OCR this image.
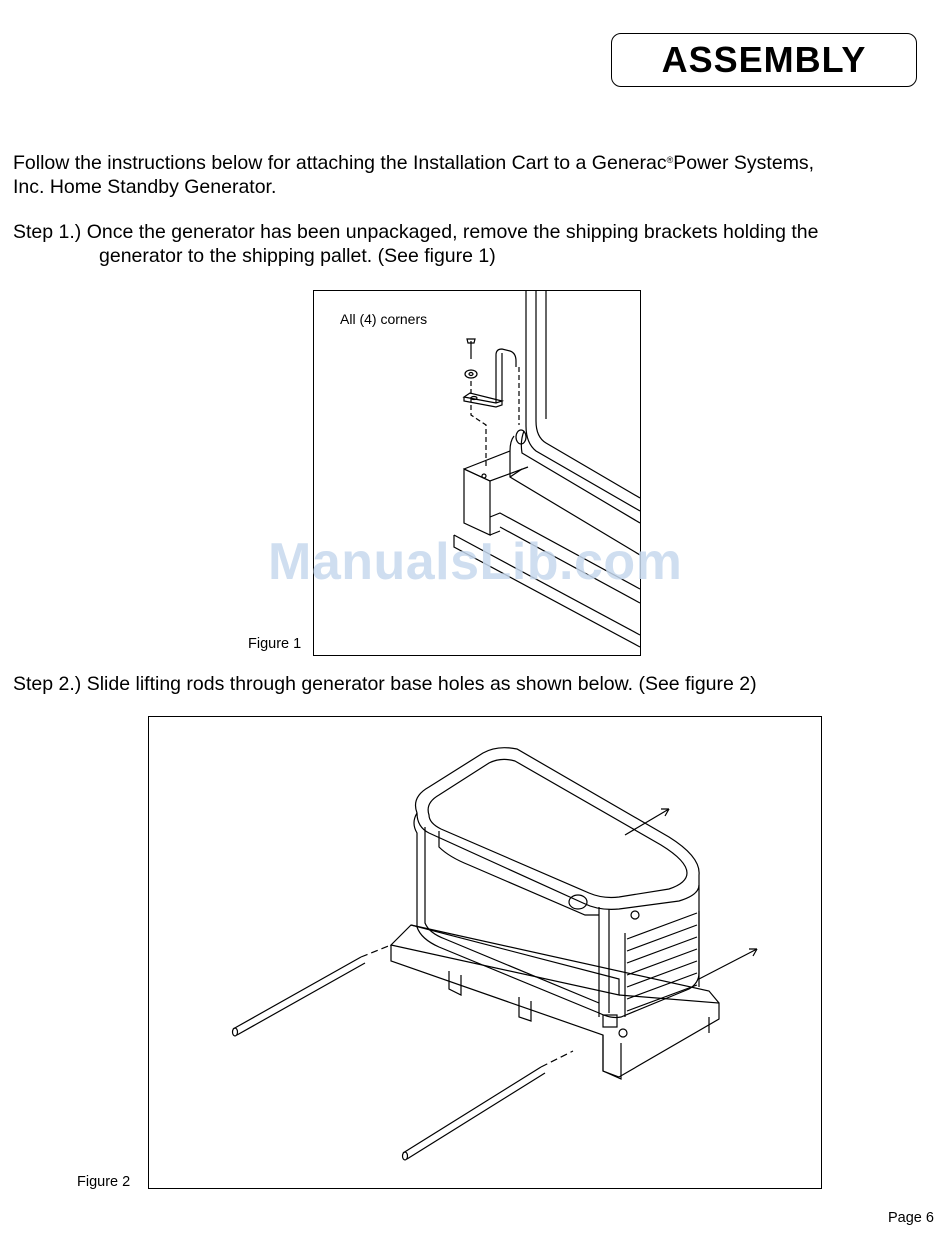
ASSEMBLY
Follow the instructions below for attaching the Installation Cart to a Generac®Power Systems,
Inc. Home Standby Generator.
Step 1.) Once the generator has been unpackaged, remove the shipping brackets holding the
generator to the shipping pallet. (See figure 1)
All (4) corners
Figure 1
Step 2.) Slide lifting rods through generator base holes as shown below. (See figure 2)
Figure 2
ManualsLib.com
Page 6
